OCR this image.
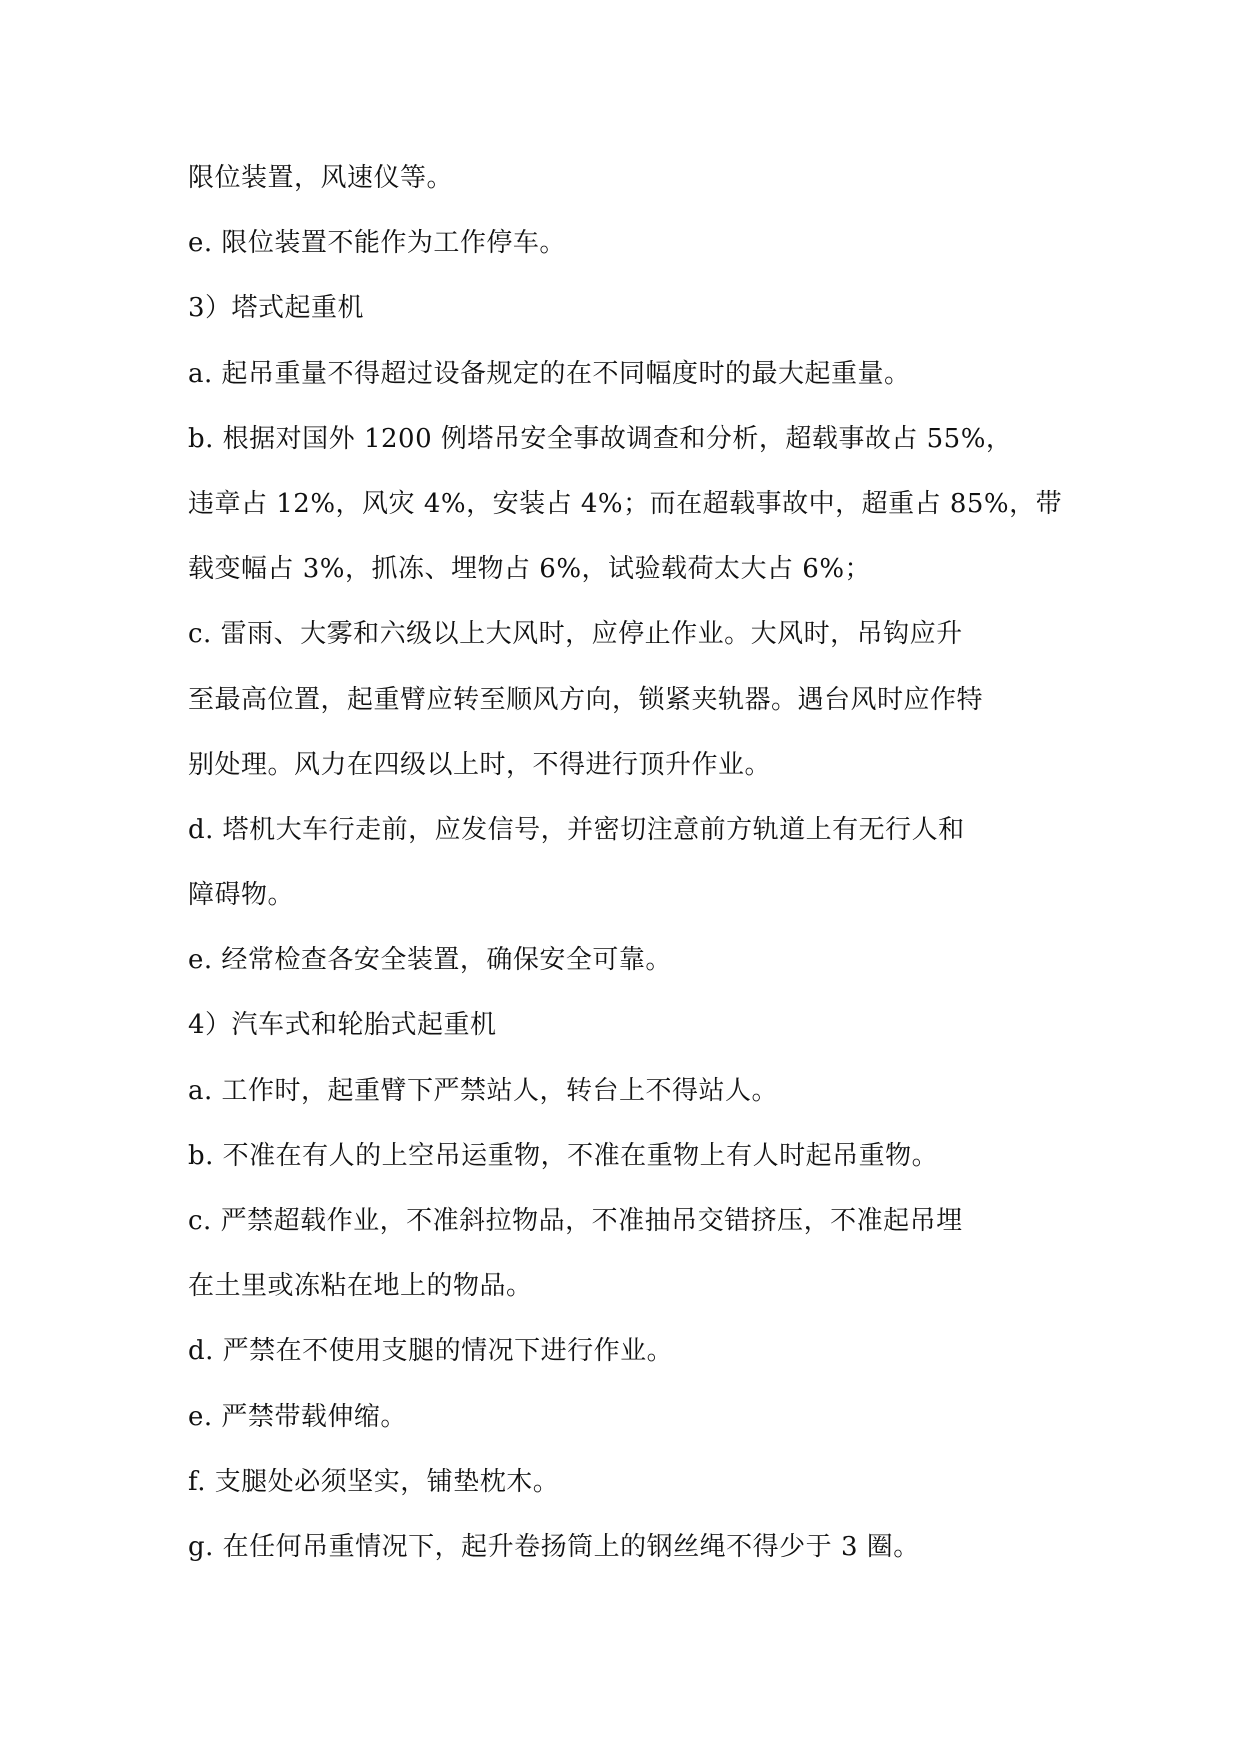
限位装置，风速仪等。
e. 限位装置不能作为工作停车。
3）塔式起重机
a. 起吊重量不得超过设备规定的在不同幅度时的最大起重量。
b. 根据对国外 1200 例塔吊安全事故调查和分析，超载事故占 55%，
违章占 12%，风灾 4%，安装占 4%；而在超载事故中，超重占 85%，带
载变幅占 3%，抓冻、埋物占 6%，试验载荷太大占 6%；
c. 雷雨、大雾和六级以上大风时，应停止作业。大风时，吊钩应升
至最高位置，起重臂应转至顺风方向，锁紧夹轨器。遇台风时应作特
别处理。风力在四级以上时，不得进行顶升作业。
d. 塔机大车行走前，应发信号，并密切注意前方轨道上有无行人和
障碍物。
e. 经常检查各安全装置，确保安全可靠。
4）汽车式和轮胎式起重机
a. 工作时，起重臂下严禁站人，转台上不得站人。
b. 不准在有人的上空吊运重物，不准在重物上有人时起吊重物。
c. 严禁超载作业，不准斜拉物品，不准抽吊交错挤压，不准起吊埋
在土里或冻粘在地上的物品。
d. 严禁在不使用支腿的情况下进行作业。
e. 严禁带载伸缩。
f. 支腿处必须坚实，铺垫枕木。
g. 在任何吊重情况下，起升卷扬筒上的钢丝绳不得少于 3 圈。
